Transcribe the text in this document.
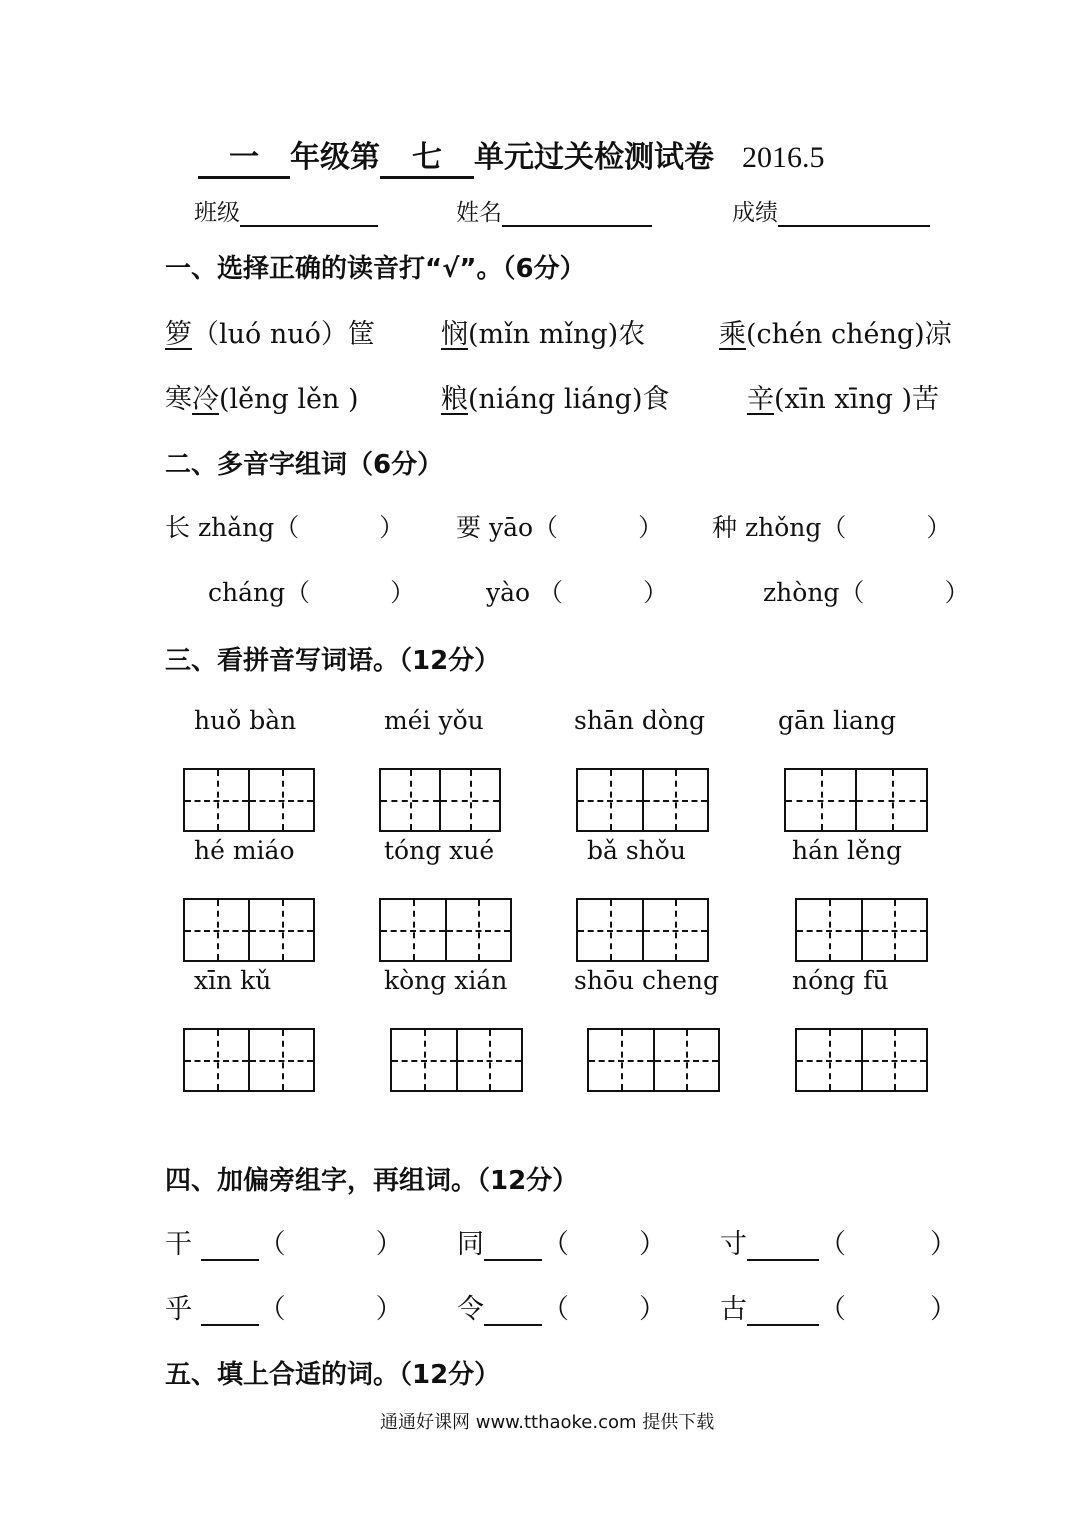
一 年级第 七 单元过关检测试卷 2016.5
班级	姓名	成绩
一、选择正确的读音打“√”。（6分）
箩（luó nuó）筐 悯(mǐn mǐng)农	乘(chén chéng)凉
寒冷(lěng lěn )	粮(niáng liáng)食	辛(xīn xīng )苦
二、多音字组词（6分）
长 zhǎng（	） 要 yāo（	） 种 zhǒng（	）
cháng（	）	yào （	）	zhòng（	）
三、看拼音写词语。（12分）
huǒ bàn	méi yǒu	shān dòng	gān liang
hé miáo	tóng xué	bǎ shǒu	hán lěng
xīn kǔ	kòng xián	shōu cheng	nóng fū
四、加偏旁组字，再组词。（12分）
干 （	） 同 （	） 寸	（	）
乎 （	） 令 （	） 古	（	）
五、填上合适的词。（12分）
通通好课网 www.tthaoke.com 提供下载
